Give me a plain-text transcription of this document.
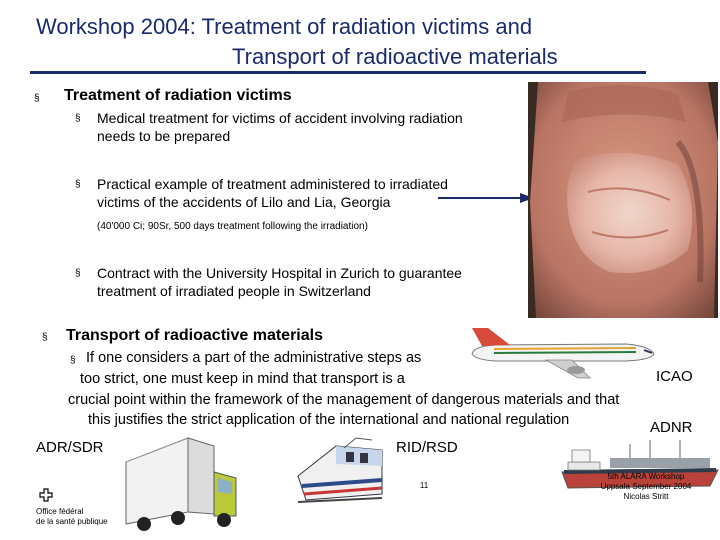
Workshop 2004: Treatment of radiation victims and
Transport of radioactive materials
§ Treatment of radiation victims
§ Medical treatment for victims of accident involving radiation
needs to be prepared
§ Practical example of treatment administered to irradiated
victims of the accidents of Lilo and Lia, Georgia
(40'000 Ci; 90Sr, 500 days treatment following the irradiation)
§ Contract with the University Hospital in Zurich to guarantee
treatment of irradiated people in Switzerland
§ Transport of radioactive materials
§ If one considers a part of the administrative steps as
too strict, one must keep in mind that transport is a
crucial point within the framework of the management of dangerous materials and that
this justifies the strict application of the international and national regulation
ICAO
ADNR
ADR/SDR	RID/RSD
Office fédéral
de la santé publique
11
5th ALARA Workshop
Uppsala September 2004
Nicolas Stritt
